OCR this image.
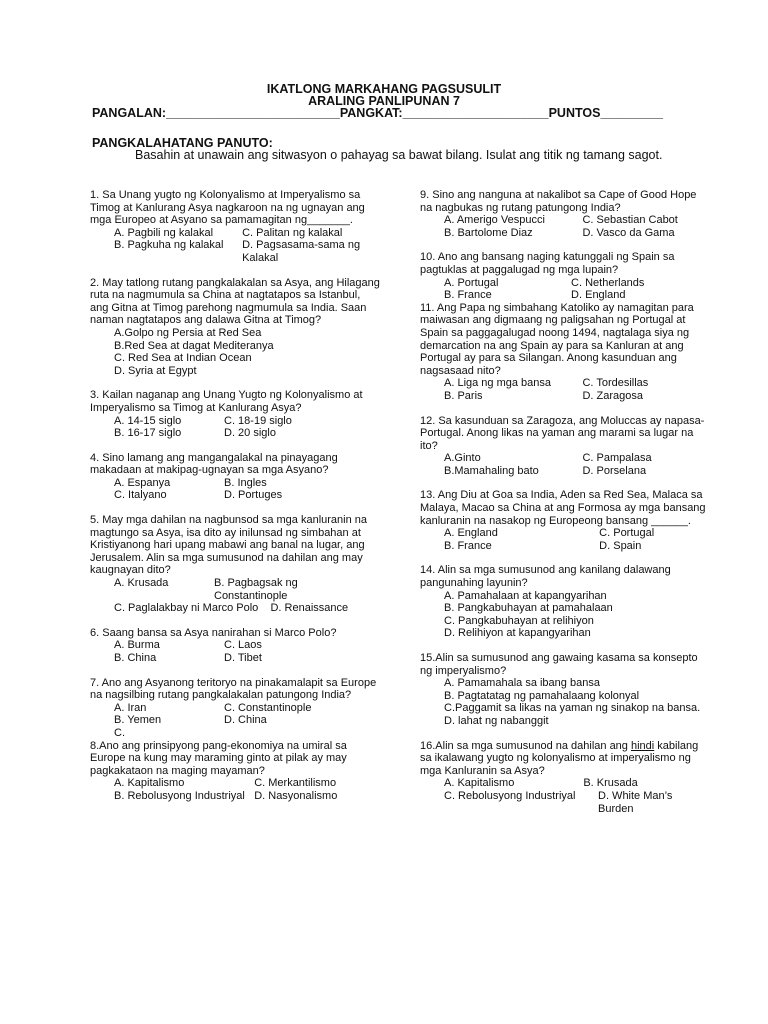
IKATLONG MARKAHANG PAGSUSULIT
ARALING PANLIPUNAN 7
PANGALAN:_________________________PANGKAT:_____________________PUNTOS_________
PANGKALAHATANG PANUTO:
Basahin at unawain ang sitwasyon o pahayag sa bawat bilang. Isulat ang titik ng tamang sagot.
1. Sa Unang yugto ng Kolonyalismo at Imperyalismo sa Timog at Kanlurang Asya nagkaroon na ng ugnayan ang mga Europeo at Asyano sa pamamagitan ng_______.
A. Pagbili ng kalakal	C. Palitan ng kalakal
B. Pagkuha ng kalakal	D. Pagsasama-sama ng Kalakal
2. May tatlong rutang pangkalakalan sa Asya, ang Hilagang ruta na nagmumula sa China at nagtatapos sa Istanbul, ang Gitna at Timog parehong nagmumula sa India. Saan naman nagtatapos ang dalawa Gitna at Timog?
A.Golpo ng Persia at Red Sea
B.Red Sea at dagat Mediteranya
C. Red Sea at Indian Ocean
D. Syria at Egypt
3. Kailan naganap ang Unang Yugto ng Kolonyalismo at Imperyalismo sa Timog at Kanlurang Asya?
A. 14-15 siglo	C. 18-19 siglo
B. 16-17 siglo	D. 20 siglo
4. Sino lamang ang mangangalakal na pinayagang makadaan at makipag-ugnayan sa mga Asyano?
A. Espanya	B. Ingles
C. Italyano	D. Portuges
5. May mga dahilan na nagbunsod sa mga kanluranin na magtungo sa Asya, isa dito ay inilunsad ng simbahan at Kristiyanong hari upang mabawi ang banal na lugar, ang Jerusalem. Alin sa mga sumusunod na dahilan ang may kaugnayan dito?
A. Krusada	B. Pagbagsak ng Constantinople
C. Paglalakbay ni Marco Polo	D. Renaissance
6. Saang bansa sa Asya nanirahan si Marco Polo?
A. Burma	C. Laos
B. China	D. Tibet
7. Ano ang Asyanong teritoryo na pinakamalapit sa Europe na nagsilbing rutang pangkalakalan patungong India?
A. Iran	C. Constantinople
B. Yemen	D. China
C.
8.Ano ang prinsipyong pang-ekonomiya na umiral sa Europe na kung may maraming ginto at pilak ay may pagkakataon na maging mayaman?
A. Kapitalismo	C. Merkantilismo
B. Rebolusyong Industriyal D. Nasyonalismo
9. Sino ang nanguna at nakalibot sa Cape of Good Hope na nagbukas ng rutang patungong India?
A. Amerigo Vespucci	C. Sebastian Cabot
B. Bartolome Diaz	D. Vasco da Gama
10. Ano ang bansang naging katunggali ng Spain sa pagtuklas at paggalugad ng mga lupain?
A. Portugal	C. Netherlands
B. France	D. England
11. Ang Papa ng simbahang Katoliko ay namagitan para maiwasan ang digmaang ng paligsahan ng Portugal at Spain sa paggagalugad noong 1494, nagtalaga siya ng demarcation na ang Spain ay para sa Kanluran at ang Portugal ay para sa Silangan. Anong kasunduan ang nagsasaad nito?
A. Liga ng mga bansa	C. Tordesillas
B. Paris	D. Zaragosa
12. Sa kasunduan sa Zaragoza, ang Moluccas ay napasa-Portugal. Anong likas na yaman ang marami sa lugar na ito?
A.Ginto	C. Pampalasa
B.Mamahaling bato	D. Porselana
13. Ang Diu at Goa sa India, Aden sa Red Sea, Malaca sa Malaya, Macao sa China at ang Formosa ay mga bansang kanluranin na nasakop ng Europeong bansang ______.
A. England	C. Portugal
B. France	D. Spain
14. Alin sa mga sumusunod ang kanilang dalawang pangunahing layunin?
A. Pamahalaan at kapangyarihan
B. Pangkabuhayan at pamahalaan
C. Pangkabuhayan at relihiyon
D. Relihiyon at kapangyarihan
15.Alin sa sumusunod ang gawaing kasama sa konsepto ng imperyalismo?
A. Pamamahala sa ibang bansa
B. Pagtatatag ng pamahalaang kolonyal
C.Paggamit sa likas na yaman ng sinakop na bansa.
D. lahat ng nabanggit
16.Alin sa mga sumusunod na dahilan ang hindi kabilang sa ikalawang yugto ng kolonyalismo at imperyalismo ng mga Kanluranin sa Asya?
A. Kapitalismo	B. Krusada
C. Rebolusyong Industriyal	D. White Man’s Burden
